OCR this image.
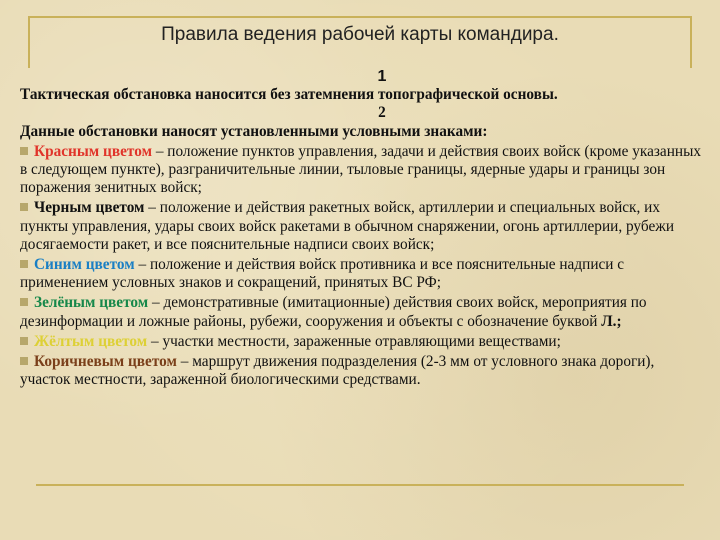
Правила ведения рабочей карты командира.
1
Тактическая обстановка наносится без затемнения топографической основы.
2
Данные обстановки наносят установленными условными знаками:
Красным цветом – положение пунктов управления, задачи и действия своих войск (кроме указанных в следующем пункте), разграничительные линии, тыловые границы, ядерные удары и границы зон поражения зенитных войск;
Черным цветом – положение и действия ракетных войск, артиллерии и специальных войск, их пункты управления, удары своих войск ракетами в обычном снаряжении, огонь артиллерии, рубежи досягаемости ракет, и все пояснительные надписи своих войск;
Синим цветом – положение и действия войск противника и все пояснительные надписи с применением условных знаков и сокращений, принятых ВС РФ;
Зелёным цветом – демонстративные (имитационные) действия своих войск, мероприятия по дезинформации и ложные районы, рубежи, сооружения и объекты с обозначение буквой Л.;
Жёлтым цветом – участки местности, зараженные отравляющими веществами;
Коричневым цветом – маршрут движения подразделения (2-3 мм от условного знака дороги), участок местности, зараженной биологическими средствами.
